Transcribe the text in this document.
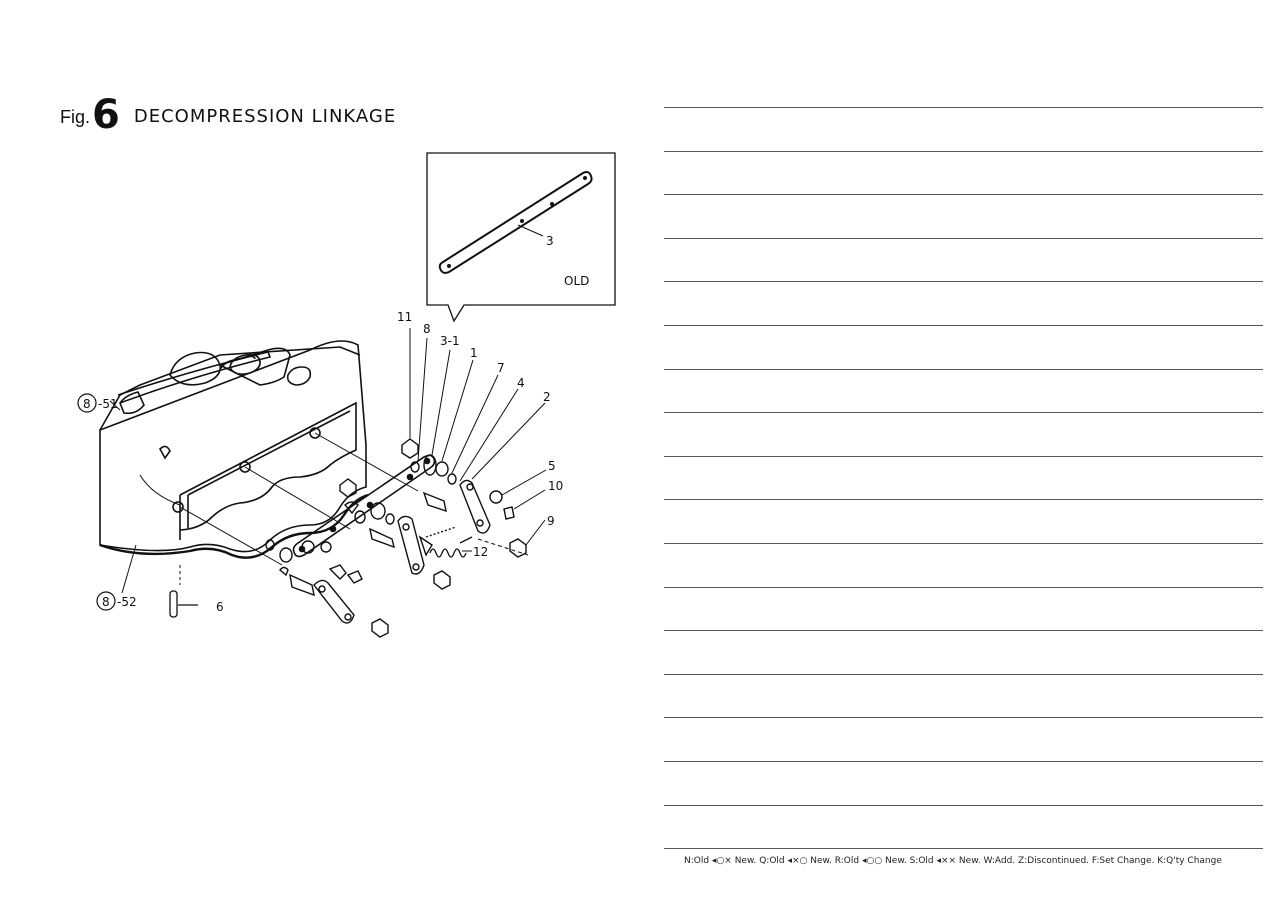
Fig. 6 DECOMPRESSION LINKAGE
3
OLD
8 -51
8 -52	6
11
8
3-1
1
7
4
2
5
10
9
12
N:Old ◂○× New. Q:Old ◂×○ New. R:Old ◂○○ New. S:Old ◂×× New. W:Add. Z:Discontinued. F:Set Change. K:Q'ty Change
